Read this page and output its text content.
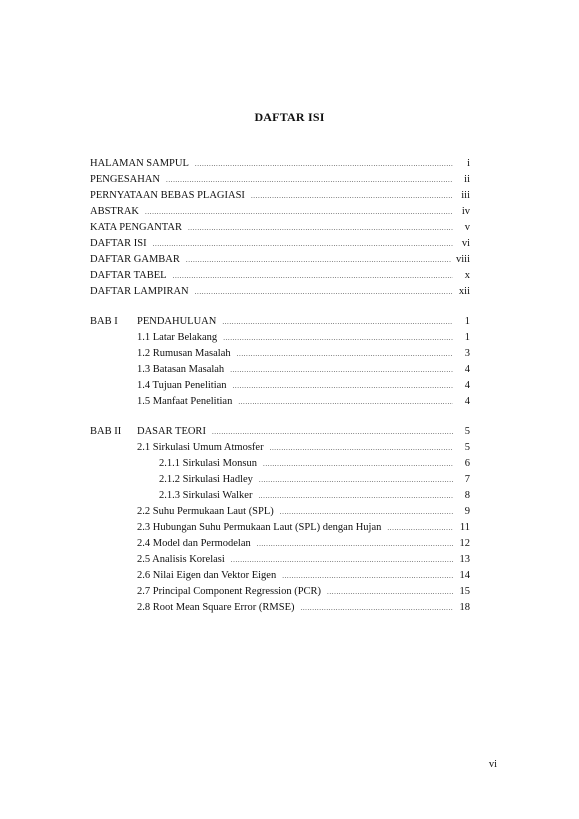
DAFTAR ISI
HALAMAN SAMPUL .....	i
PENGESAHAN .....	ii
PERNYATAAN BEBAS PLAGIASI .....	iii
ABSTRAK .....	iv
KATA PENGANTAR .....	v
DAFTAR ISI .....	vi
DAFTAR GAMBAR .....	viii
DAFTAR TABEL .....	x
DAFTAR LAMPIRAN .....	xii
BAB I PENDAHULUAN .....	1
1.1 Latar Belakang .....	1
1.2 Rumusan Masalah .....	3
1.3 Batasan Masalah .....	4
1.4 Tujuan Penelitian .....	4
1.5 Manfaat Penelitian .....	4
BAB II DASAR TEORI .....	5
2.1 Sirkulasi Umum Atmosfer .....	5
2.1.1 Sirkulasi Monsun .....	6
2.1.2 Sirkulasi Hadley .....	7
2.1.3 Sirkulasi Walker .....	8
2.2 Suhu Permukaan Laut (SPL) .....	9
2.3 Hubungan Suhu Permukaan Laut (SPL) dengan Hujan .....	11
2.4 Model dan Permodelan .....	12
2.5 Analisis Korelasi .....	13
2.6 Nilai Eigen dan Vektor Eigen .....	14
2.7 Principal Component Regression (PCR) .....	15
2.8 Root Mean Square Error (RMSE) .....	18
vi
